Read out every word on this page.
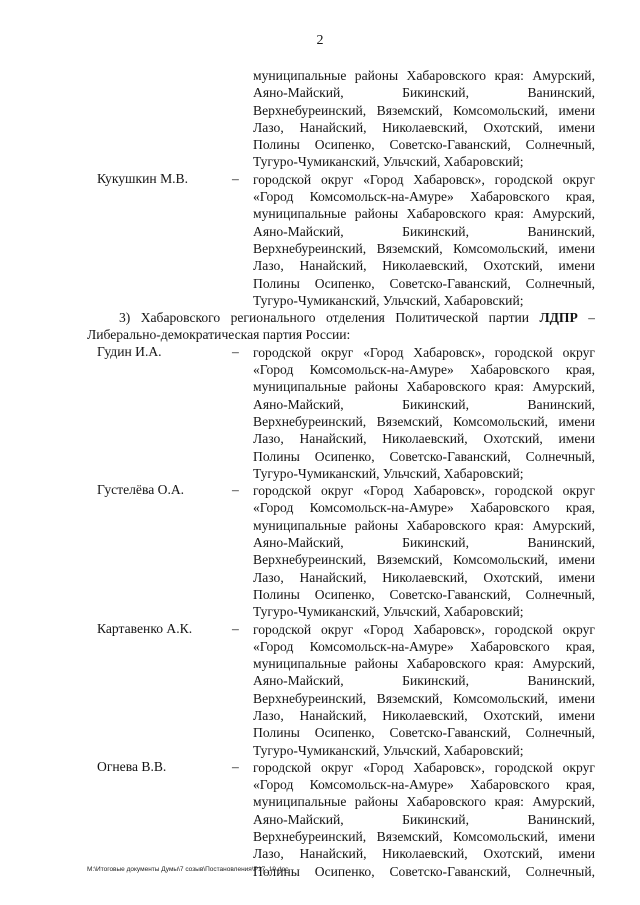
2
муниципальные районы Хабаровского края: Амурский,
Аяно-Майский, Бикинский, Ванинский,
Верхнебуреинский, Вяземский, Комсомольский, имени
Лазо, Нанайский, Николаевский, Охотский, имени
Полины Осипенко, Советско-Гаванский, Солнечный,
Тугуро-Чумиканский, Ульчский, Хабаровский;
Кукушкин М.В.	– городской округ «Город Хабаровск», городской округ
«Город Комсомольск-на-Амуре» Хабаровского края,
муниципальные районы Хабаровского края: Амурский,
Аяно-Майский, Бикинский, Ванинский,
Верхнебуреинский, Вяземский, Комсомольский, имени
Лазо, Нанайский, Николаевский, Охотский, имени
Полины Осипенко, Советско-Гаванский, Солнечный,
Тугуро-Чумиканский, Ульчский, Хабаровский;
3) Хабаровского регионального отделения Политической партии ЛДПР –
Либерально-демократическая партия России:
Гудин И.А.	– городской округ «Город Хабаровск», городской округ
«Город Комсомольск-на-Амуре» Хабаровского края,
муниципальные районы Хабаровского края: Амурский,
Аяно-Майский, Бикинский, Ванинский,
Верхнебуреинский, Вяземский, Комсомольский, имени
Лазо, Нанайский, Николаевский, Охотский, имени
Полины Осипенко, Советско-Гаванский, Солнечный,
Тугуро-Чумиканский, Ульчский, Хабаровский;
Густелёва О.А.	– городской округ «Город Хабаровск», городской округ
«Город Комсомольск-на-Амуре» Хабаровского края,
муниципальные районы Хабаровского края: Амурский,
Аяно-Майский, Бикинский, Ванинский,
Верхнебуреинский, Вяземский, Комсомольский, имени
Лазо, Нанайский, Николаевский, Охотский, имени
Полины Осипенко, Советско-Гаванский, Солнечный,
Тугуро-Чумиканский, Ульчский, Хабаровский;
Картавенко А.К.	– городской округ «Город Хабаровск», городской округ
«Город Комсомольск-на-Амуре» Хабаровского края,
муниципальные районы Хабаровского края: Амурский,
Аяно-Майский, Бикинский, Ванинский,
Верхнебуреинский, Вяземский, Комсомольский, имени
Лазо, Нанайский, Николаевский, Охотский, имени
Полины Осипенко, Советско-Гаванский, Солнечный,
Тугуро-Чумиканский, Ульчский, Хабаровский;
Огнева В.В.	– городской округ «Город Хабаровск», городской округ
«Город Комсомольск-на-Амуре» Хабаровского края,
муниципальные районы Хабаровского края: Амурский,
Аяно-Майский, Бикинский, Ванинский,
Верхнебуреинский, Вяземский, Комсомольский, имени
Лазо, Нанайский, Николаевский, Охотский, имени
Полины Осипенко, Советско-Гаванский, Солнечный,
M:\Итоговые документы Думы\7 созыв\Постановления\P17_19.doc
